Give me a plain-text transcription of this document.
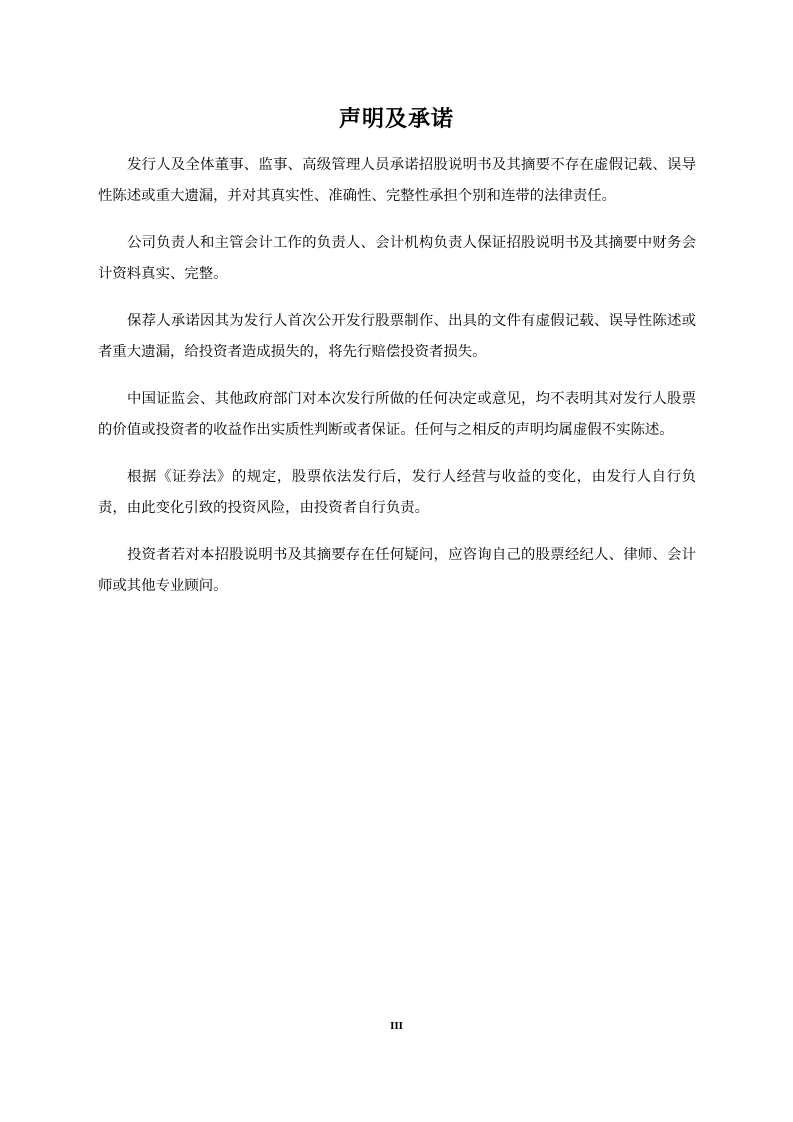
声明及承诺

发行人及全体董事、监事、高级管理人员承诺招股说明书及其摘要不存在虚假记载、误导性陈述或重大遗漏，并对其真实性、准确性、完整性承担个别和连带的法律责任。

公司负责人和主管会计工作的负责人、会计机构负责人保证招股说明书及其摘要中财务会计资料真实、完整。

保荐人承诺因其为发行人首次公开发行股票制作、出具的文件有虚假记载、误导性陈述或者重大遗漏，给投资者造成损失的，将先行赔偿投资者损失。

中国证监会、其他政府部门对本次发行所做的任何决定或意见，均不表明其对发行人股票的价值或投资者的收益作出实质性判断或者保证。任何与之相反的声明均属虚假不实陈述。

根据《证券法》的规定，股票依法发行后，发行人经营与收益的变化，由发行人自行负责，由此变化引致的投资风险，由投资者自行负责。

投资者若对本招股说明书及其摘要存在任何疑问，应咨询自己的股票经纪人、律师、会计师或其他专业顾问。

III
